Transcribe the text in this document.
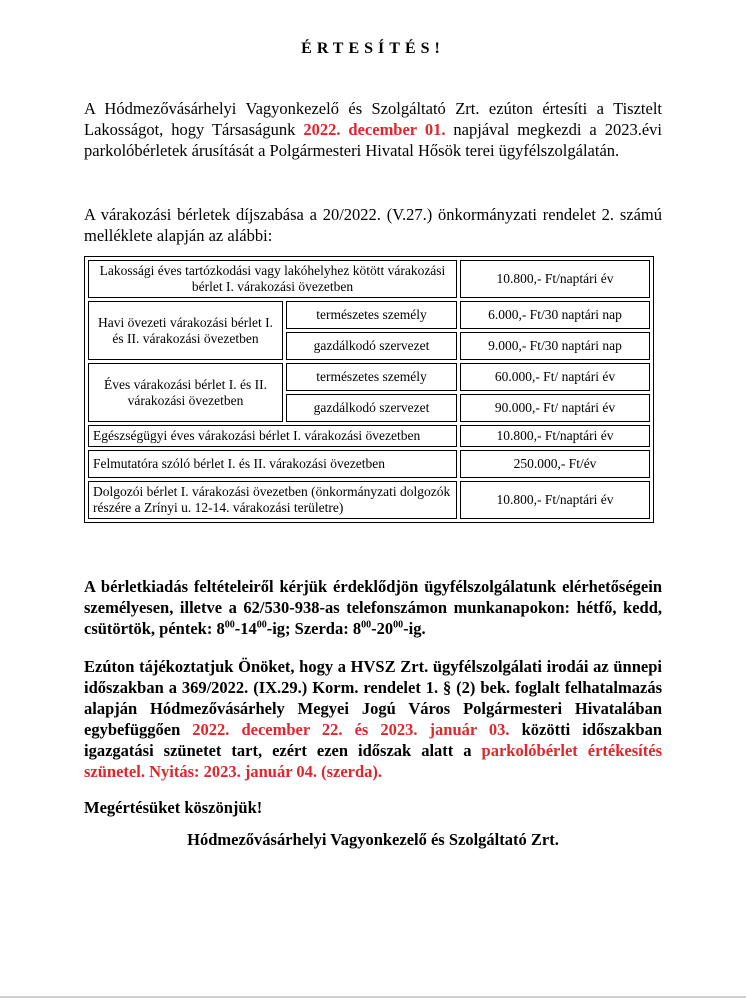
ÉRTESÍTÉS!
A Hódmezővásárhelyi Vagyonkezelő és Szolgáltató Zrt. ezúton értesíti a Tisztelt Lakosságot, hogy Társaságunk 2022. december 01. napjával megkezdi a 2023.évi parkolóbérletek árusítását a Polgármesteri Hivatal Hősök terei ügyfélszolgálatán.
A várakozási bérletek díjszabása a 20/2022. (V.27.) önkormányzati rendelet 2. számú melléklete alapján az alábbi:
Lakossági éves tartózkodási vagy lakóhelyhez kötött várakozási bérlet I. várakozási övezetben		10.800,- Ft/naptári év
Havi övezeti várakozási bérlet I. és II. várakozási övezetben	természetes személy	6.000,- Ft/30 naptári nap
	gazdálkodó szervezet	9.000,- Ft/30 naptári nap
Éves várakozási bérlet I. és II. várakozási övezetben	természetes személy	60.000,- Ft/ naptári év
	gazdálkodó szervezet	90.000,- Ft/ naptári év
Egészségügyi éves várakozási bérlet I. várakozási övezetben		10.800,- Ft/naptári év
Felmutatóra szóló bérlet I. és II. várakozási övezetben		250.000,- Ft/év
Dolgozói bérlet I. várakozási övezetben (önkormányzati dolgozók részére a Zrínyi u. 12-14. várakozási területre)		10.800,- Ft/naptári év
A bérletkiadás feltételeiről kérjük érdeklődjön ügyfélszolgálatunk elérhetőségein személyesen, illetve a 62/530-938-as telefonszámon munkanapokon: hétfő, kedd, csütörtök, péntek: $8^{00}-14^{00}-ig$; Szerda: $8^{00}-20^{00}-ig$.
Ezúton tájékoztatjuk Önöket, hogy a HVSZ Zrt. ügyfélszolgálati irodái az ünnepi időszakban a 369/2022. (IX.29.) Korm. rendelet 1. § (2) bek. foglalt felhatalmazás alapján Hódmezővásárhely Megyei Jogú Város Polgármesteri Hivatalában egybefüggően 2022. december 22. és 2023. január 03. közötti időszakban igazgatási szünetet tart, ezért ezen időszak alatt a parkolóbérlet értékesítés szünetel. Nyitás: 2023. január 04. (szerda).
Megértésüket köszönjük!
Hódmezővásárhelyi Vagyonkezelő és Szolgáltató Zrt.
